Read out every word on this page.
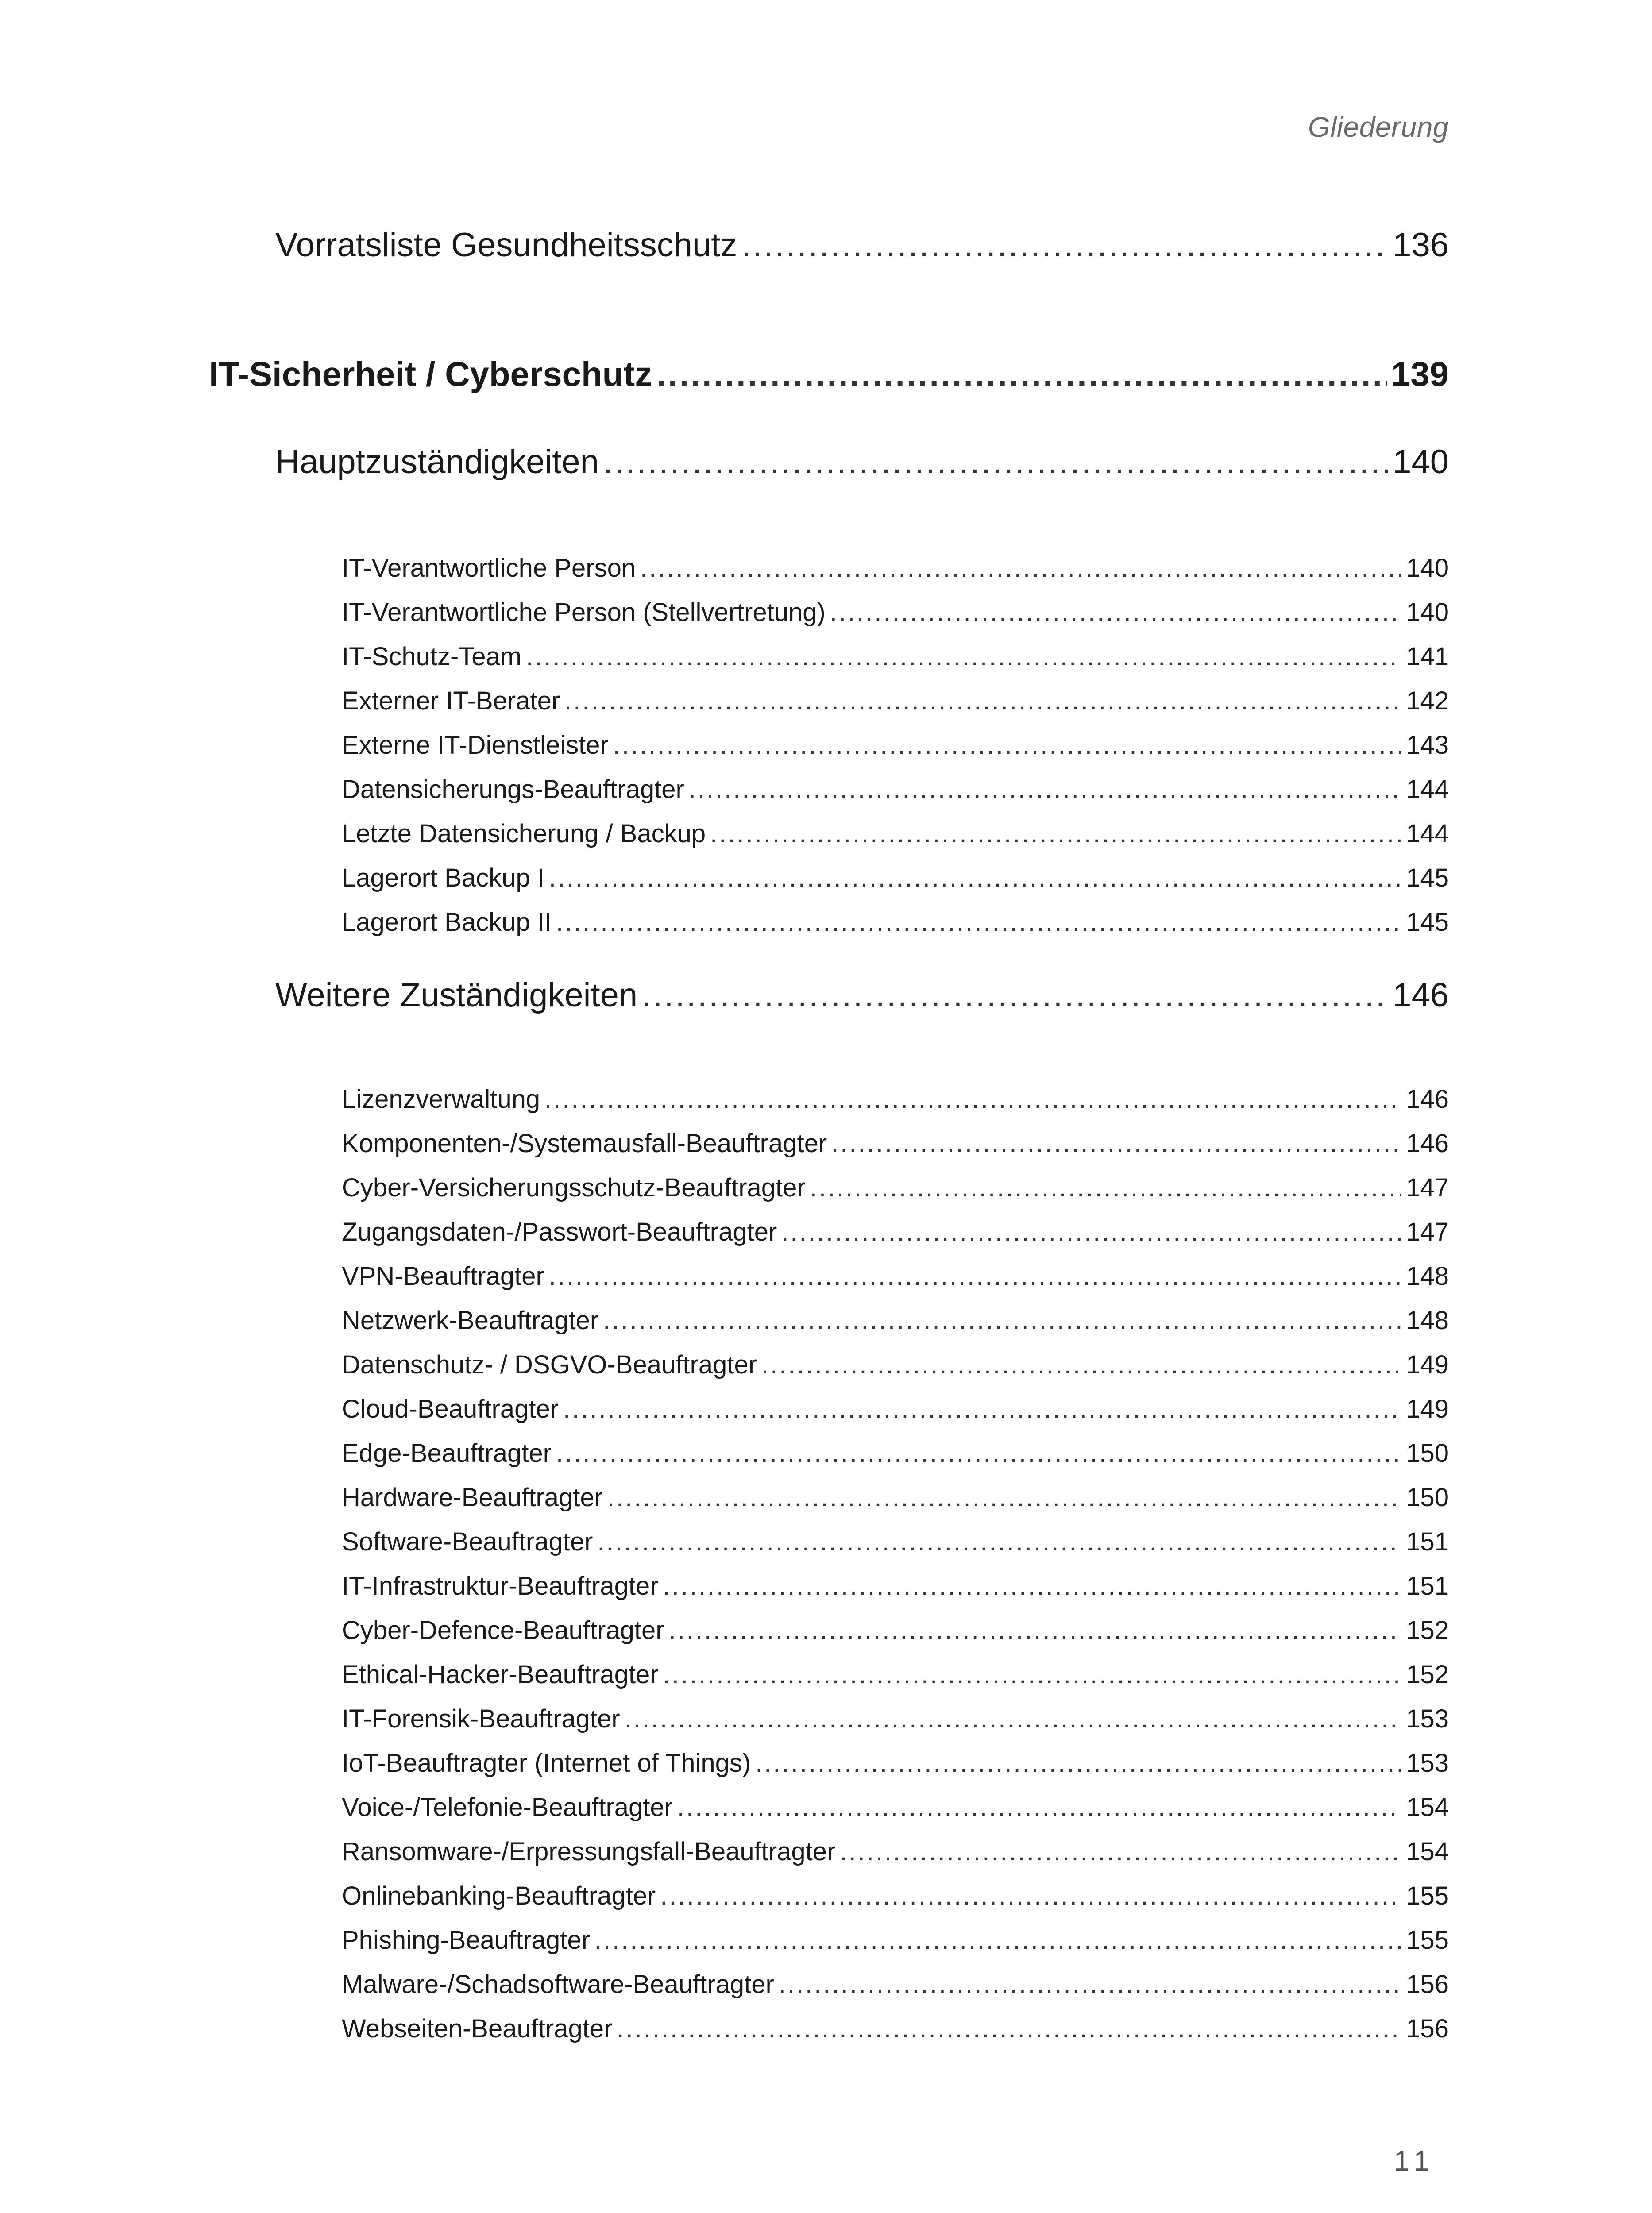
Gliederung
Vorratsliste Gesundheitsschutz .....	136
IT-Sicherheit / Cyberschutz .....	139
Hauptzuständigkeiten .....	140
IT-Verantwortliche Person .....	140
IT-Verantwortliche Person (Stellvertretung) .....	140
IT-Schutz-Team .....	141
Externer IT-Berater .....	142
Externe IT-Dienstleister .....	143
Datensicherungs-Beauftragter .....	144
Letzte Datensicherung / Backup .....	144
Lagerort Backup I .....	145
Lagerort Backup II .....	145
Weitere Zuständigkeiten .....	146
Lizenzverwaltung .....	146
Komponenten-/Systemausfall-Beauftragter .....	146
Cyber-Versicherungsschutz-Beauftragter .....	147
Zugangsdaten-/Passwort-Beauftragter .....	147
VPN-Beauftragter .....	148
Netzwerk-Beauftragter .....	148
Datenschutz- / DSGVO-Beauftragter .....	149
Cloud-Beauftragter .....	149
Edge-Beauftragter .....	150
Hardware-Beauftragter .....	150
Software-Beauftragter .....	151
IT-Infrastruktur-Beauftragter .....	151
Cyber-Defence-Beauftragter .....	152
Ethical-Hacker-Beauftragter .....	152
IT-Forensik-Beauftragter .....	153
IoT-Beauftragter (Internet of Things) .....	153
Voice-/Telefonie-Beauftragter .....	154
Ransomware-/Erpressungsfall-Beauftragter .....	154
Onlinebanking-Beauftragter .....	155
Phishing-Beauftragter .....	155
Malware-/Schadsoftware-Beauftragter .....	156
Webseiten-Beauftragter .....	156
11
